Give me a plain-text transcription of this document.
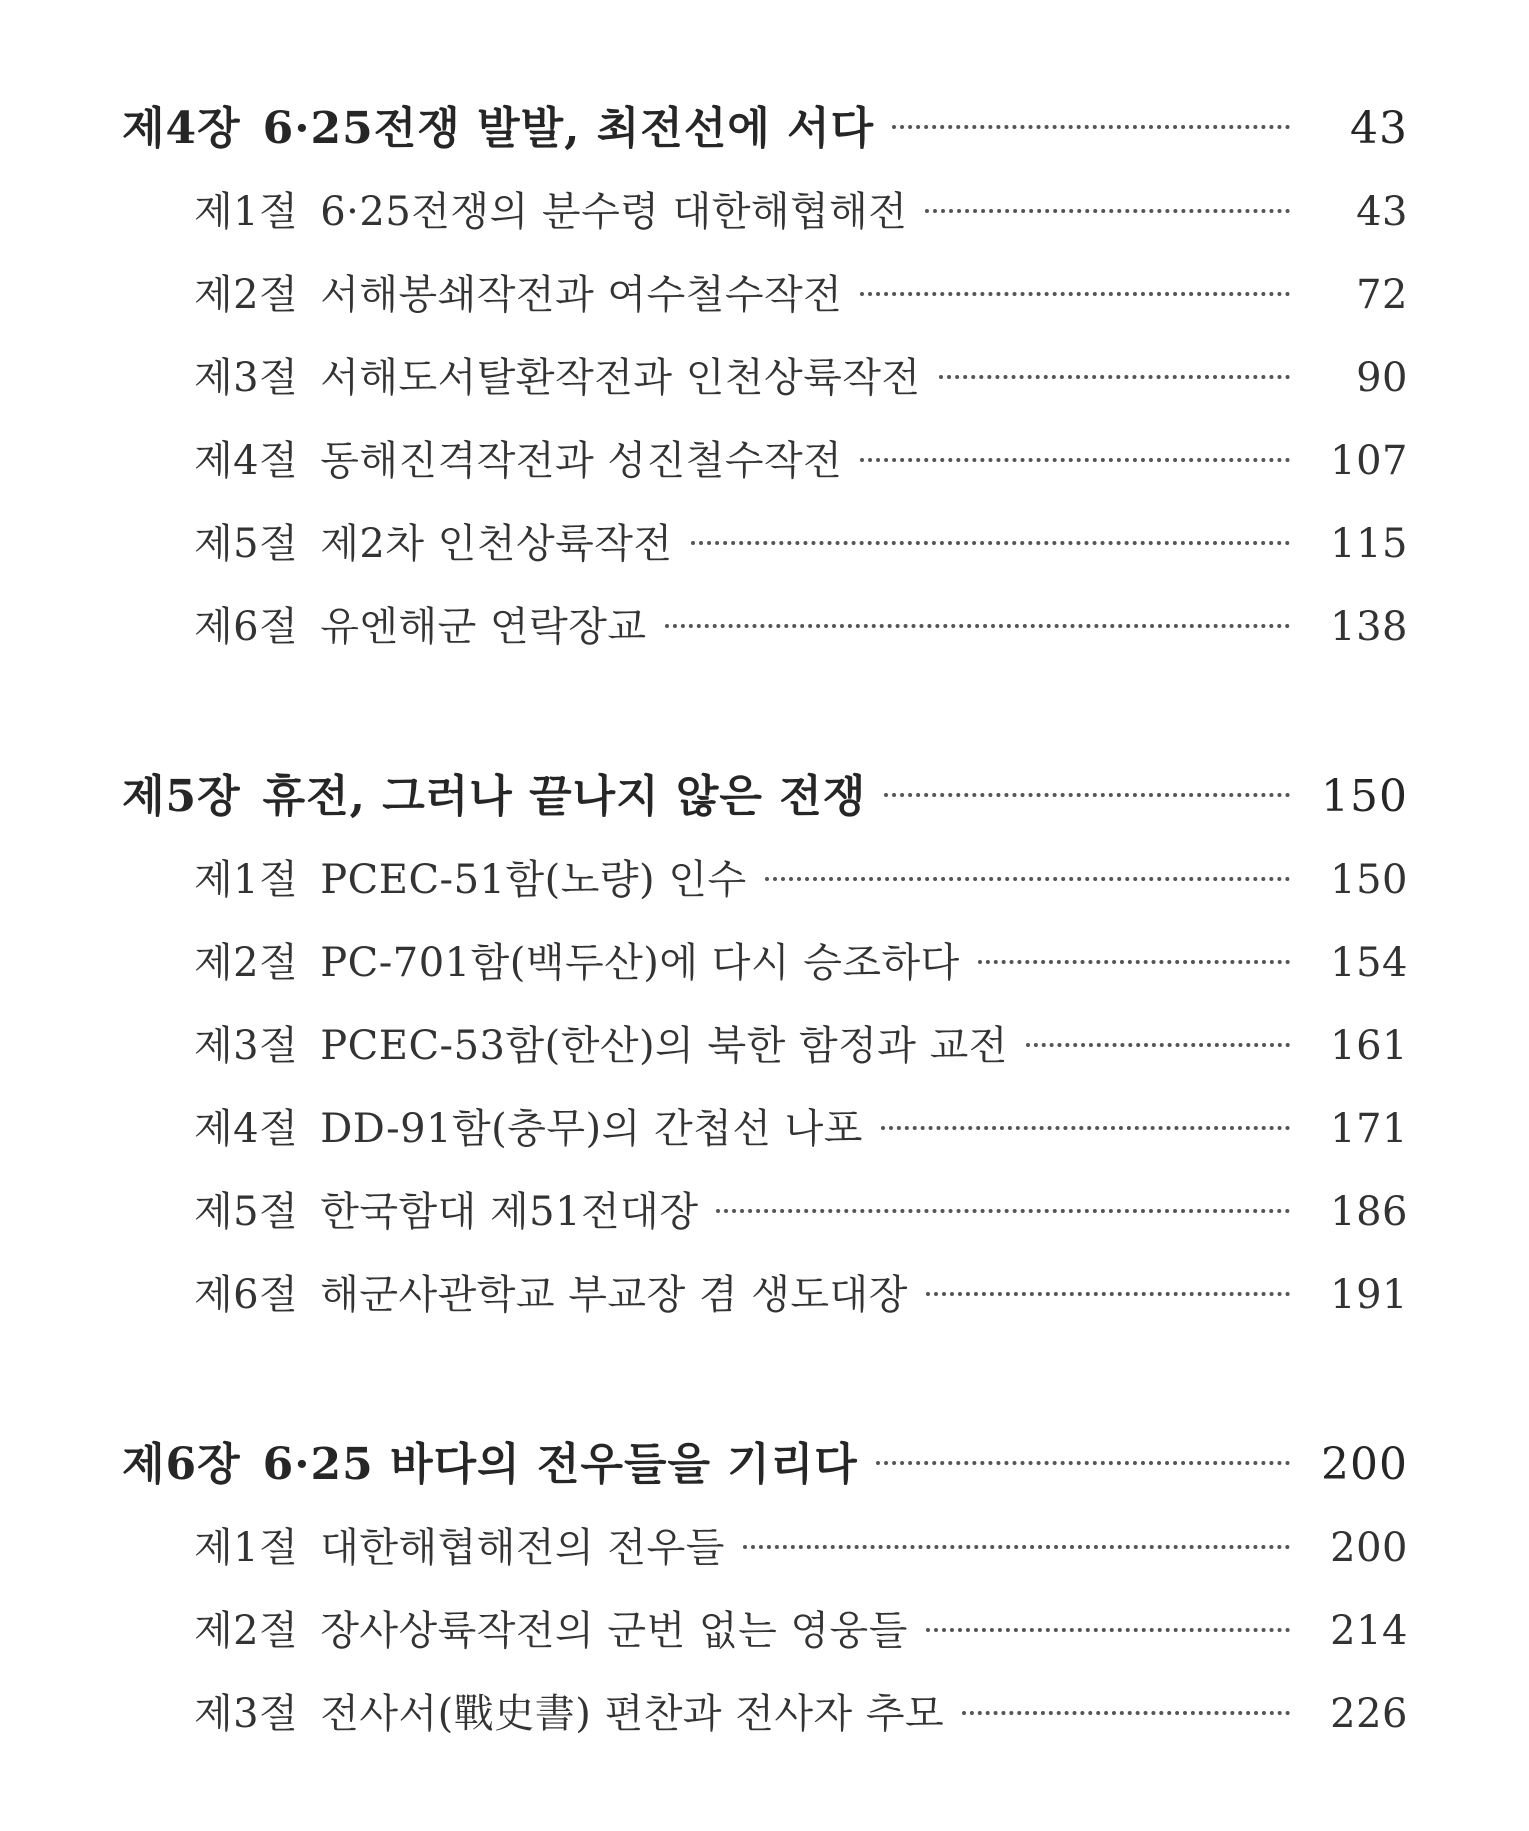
제4장 6·25전쟁 발발, 최전선에 서다	43
제1절 6·25전쟁의 분수령 대한해협해전	43
제2절 서해봉쇄작전과 여수철수작전	72
제3절 서해도서탈환작전과 인천상륙작전	90
제4절 동해진격작전과 성진철수작전	107
제5절 제2차 인천상륙작전	115
제6절 유엔해군 연락장교	138
제5장 휴전, 그러나 끝나지 않은 전쟁	150
제1절 PCEC-51함(노량) 인수	150
제2절 PC-701함(백두산)에 다시 승조하다	154
제3절 PCEC-53함(한산)의 북한 함정과 교전	161
제4절 DD-91함(충무)의 간첩선 나포	171
제5절 한국함대 제51전대장	186
제6절 해군사관학교 부교장 겸 생도대장	191
제6장 6·25 바다의 전우들을 기리다	200
제1절 대한해협해전의 전우들	200
제2절 장사상륙작전의 군번 없는 영웅들	214
제3절 전사서(戰史書) 편찬과 전사자 추모	226
